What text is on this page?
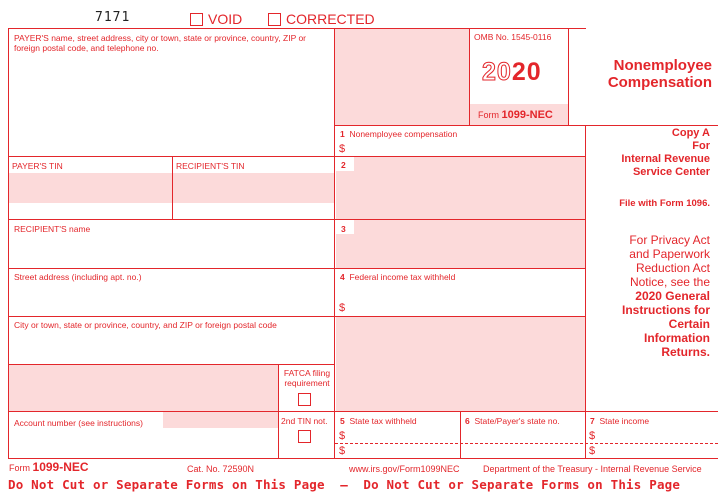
7171	VOID	CORRECTED
PAYER'S name, street address, city or town, state or province, country, ZIP or foreign postal code, and telephone no.
PAYER'S TIN	RECIPIENT'S TIN
RECIPIENT'S name
Street address (including apt. no.)
City or town, state or province, country, and ZIP or foreign postal code
FATCA filing requirement
Account number (see instructions)	2nd TIN not.
OMB No. 1545-0116
2020
Form 1099-NEC
Nonemployee
Compensation
1 Nonemployee compensation
$
2
3
4 Federal income tax withheld
$
5 State tax withheld	6 State/Payer's state no.	7 State income
$
$
$
$
Copy A
For
Internal Revenue
Service Center
File with Form 1096.
For Privacy Act
and Paperwork
Reduction Act
Notice, see the
2020 General
Instructions for
Certain
Information
Returns.
Form 1099-NEC	Cat. No. 72590N	www.irs.gov/Form1099NEC	Department of the Treasury - Internal Revenue Service
Do Not Cut or Separate Forms on This Page  —  Do Not Cut or Separate Forms on This Page
